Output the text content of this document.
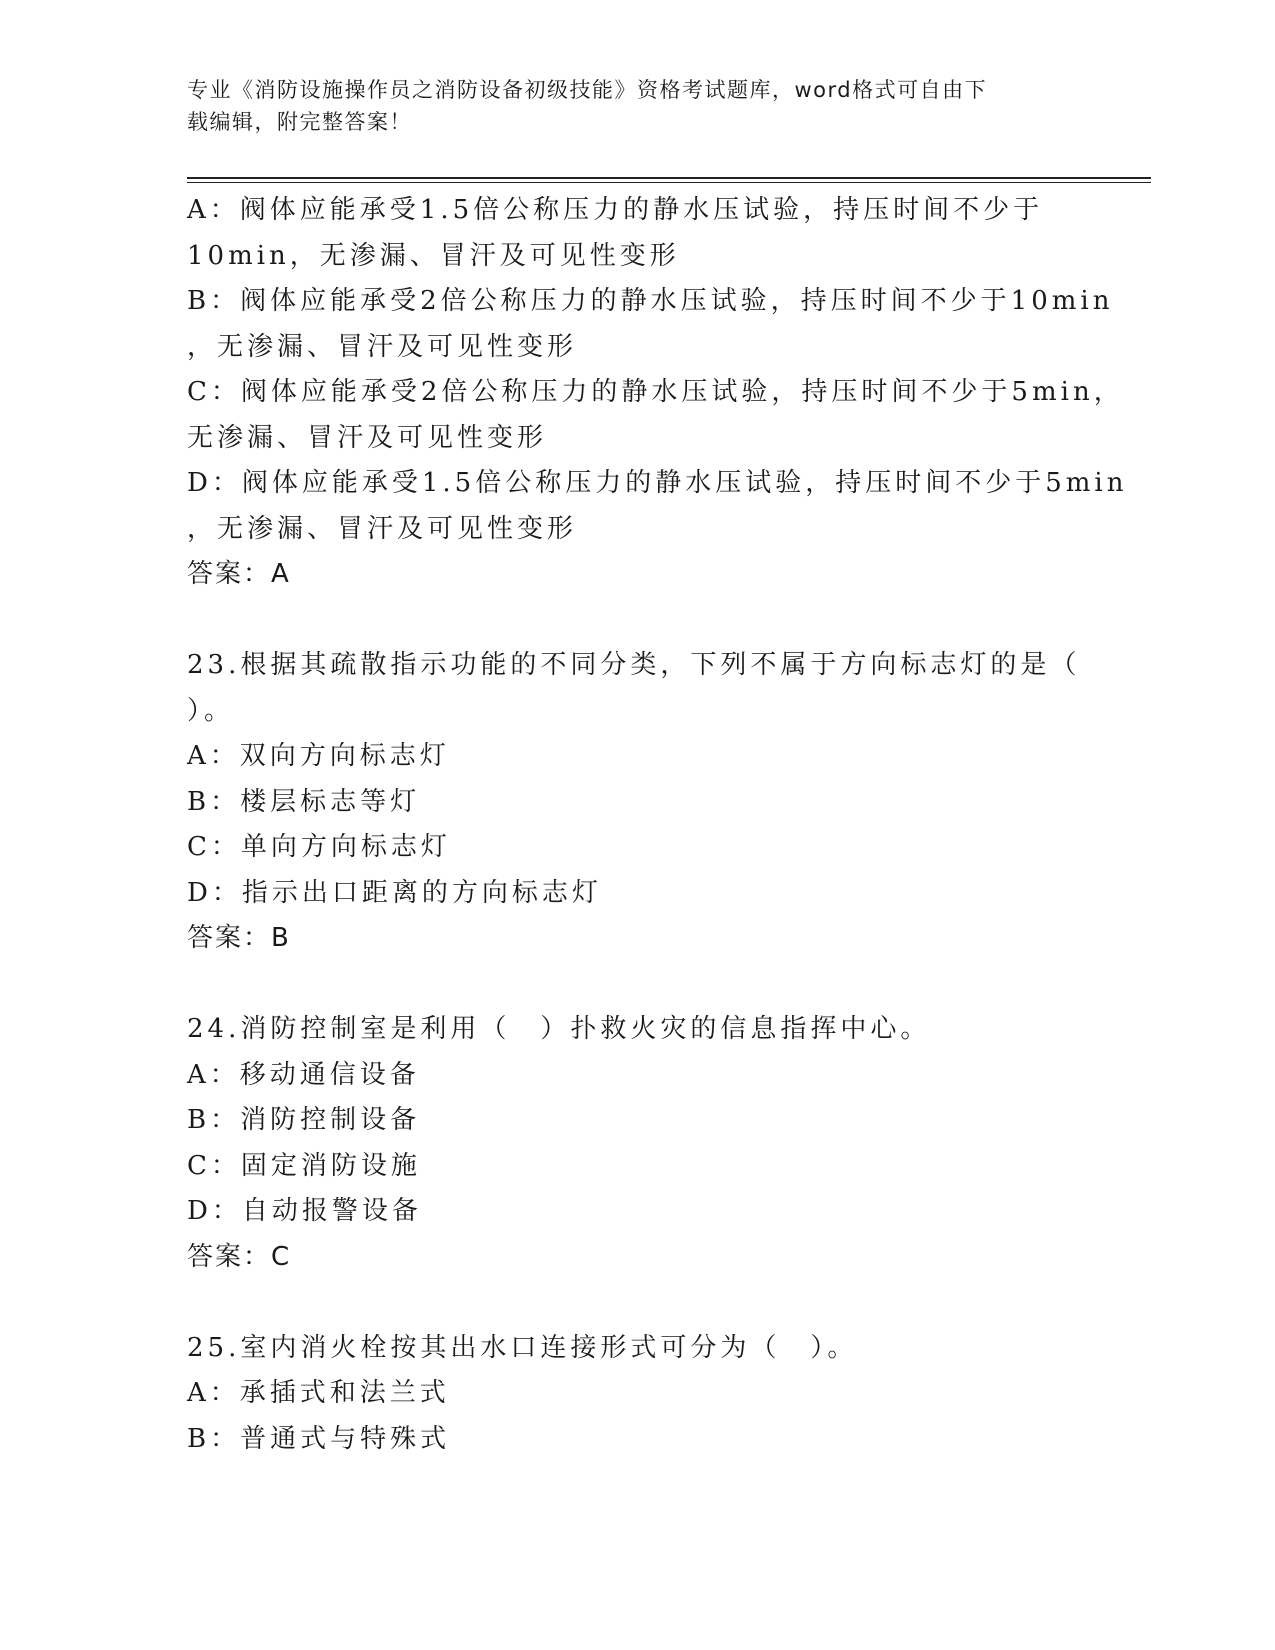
专业《消防设施操作员之消防设备初级技能》资格考试题库，word格式可自由下
载编辑，附完整答案！
A：阀体应能承受1.5倍公称压力的静水压试验，持压时间不少于
10min，无渗漏、冒汗及可见性变形
B：阀体应能承受2倍公称压力的静水压试验，持压时间不少于10min
，无渗漏、冒汗及可见性变形
C：阀体应能承受2倍公称压力的静水压试验，持压时间不少于5min，
无渗漏、冒汗及可见性变形
D：阀体应能承受1.5倍公称压力的静水压试验，持压时间不少于5min
，无渗漏、冒汗及可见性变形
答案：A
23.根据其疏散指示功能的不同分类，下列不属于方向标志灯的是（
）。
A：双向方向标志灯
B：楼层标志等灯
C：单向方向标志灯
D：指示出口距离的方向标志灯
答案：B
24.消防控制室是利用（　）扑救火灾的信息指挥中心。
A：移动通信设备
B：消防控制设备
C：固定消防设施
D：自动报警设备
答案：C
25.室内消火栓按其出水口连接形式可分为（　）。
A：承插式和法兰式
B：普通式与特殊式
